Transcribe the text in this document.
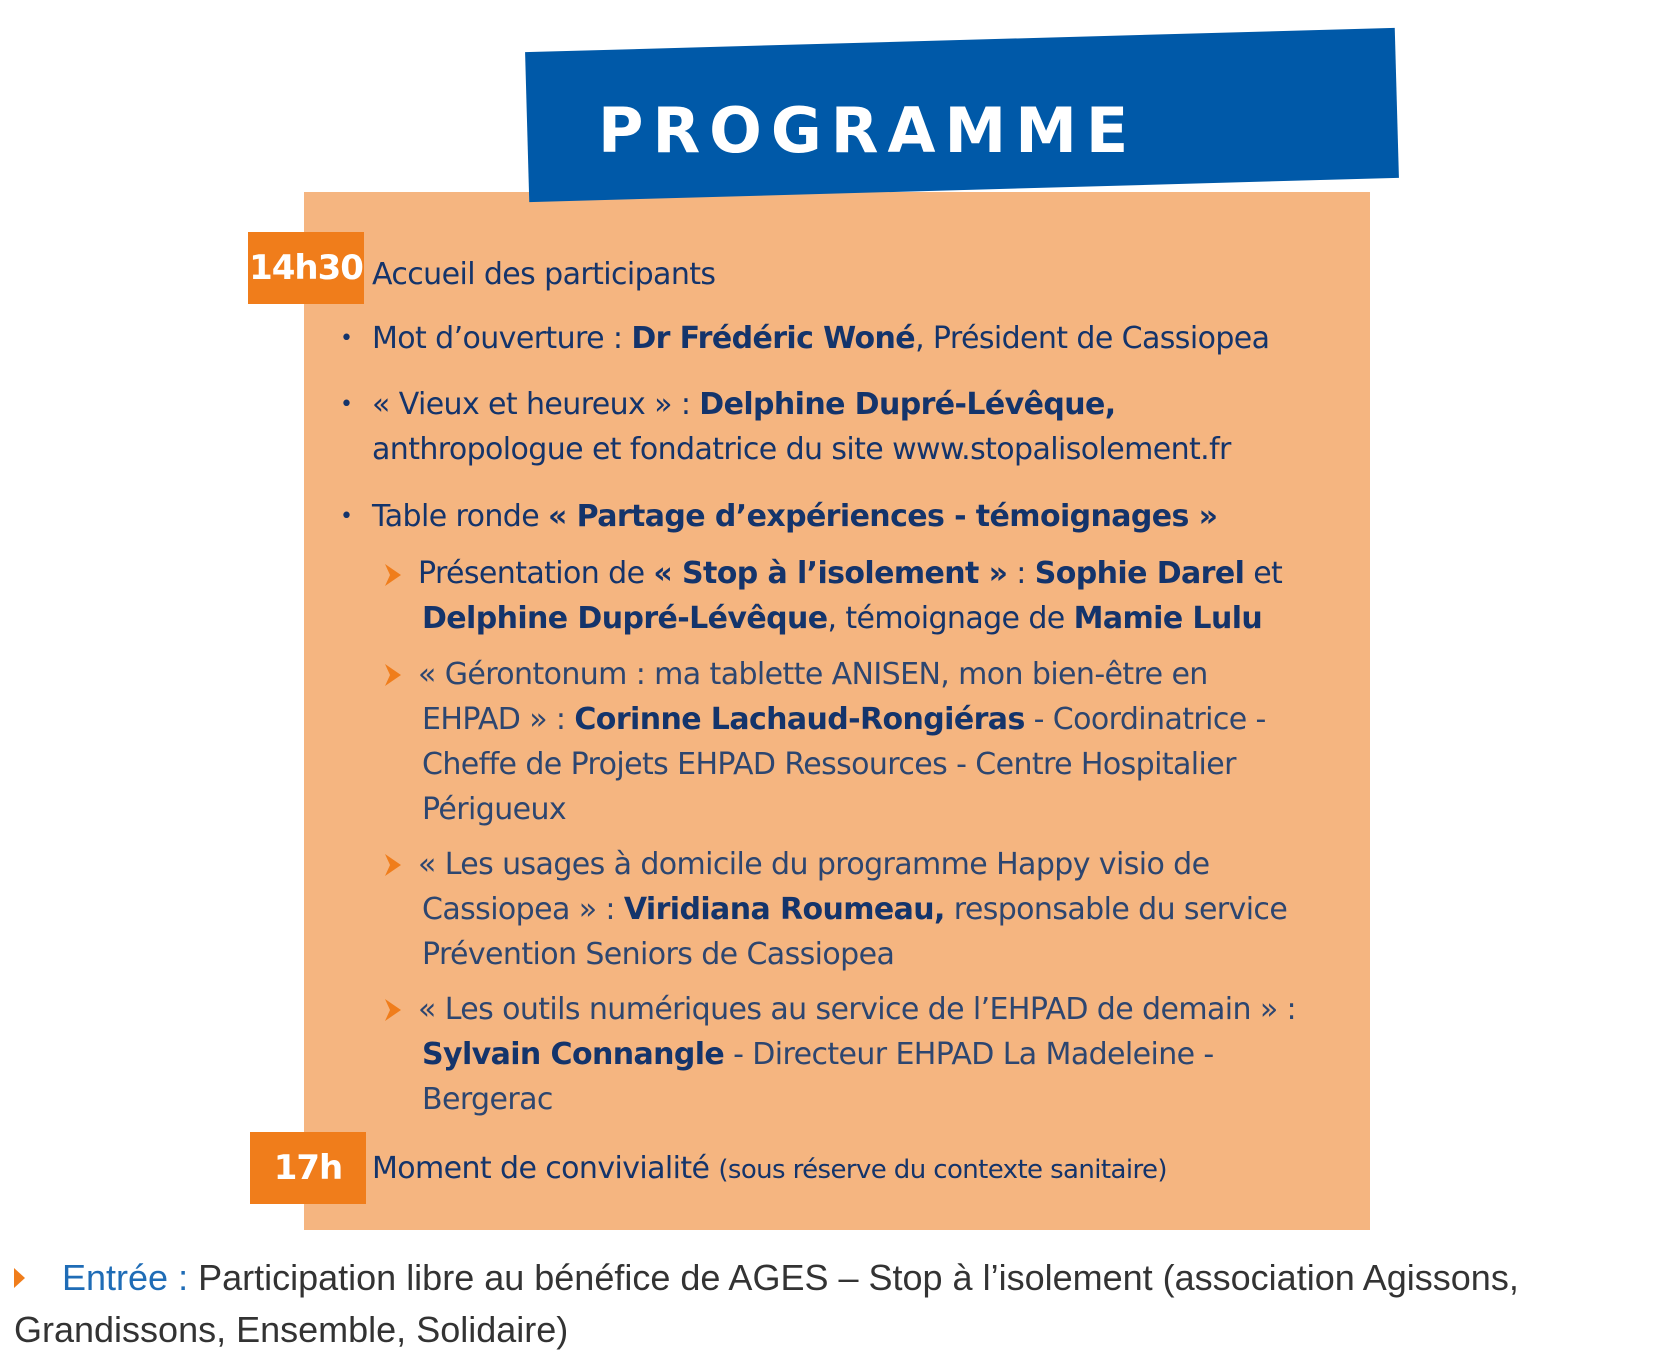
PROGRAMME
14h30 Accueil des participants
• Mot d’ouverture : Dr Frédéric Woné, Président de Cassiopea
• « Vieux et heureux » : Delphine Dupré-Lévêque,
anthropologue et fondatrice du site www.stopalisolement.fr
• Table ronde « Partage d’expériences - témoignages »
Présentation de « Stop à l’isolement » : Sophie Darel et
Delphine Dupré-Lévêque, témoignage de Mamie Lulu
« Gérontonum : ma tablette ANISEN, mon bien-être en
EHPAD » : Corinne Lachaud-Rongiéras - Coordinatrice -
Cheffe de Projets EHPAD Ressources - Centre Hospitalier
Périgueux
« Les usages à domicile du programme Happy visio de
Cassiopea » : Viridiana Roumeau, responsable du service
Prévention Seniors de Cassiopea
« Les outils numériques au service de l’EHPAD de demain » :
Sylvain Connangle - Directeur EHPAD La Madeleine -
Bergerac
17h Moment de convivialité (sous réserve du contexte sanitaire)
Entrée : Participation libre au bénéfice de AGES – Stop à l’isolement (association Agissons,
Grandissons, Ensemble, Solidaire)
